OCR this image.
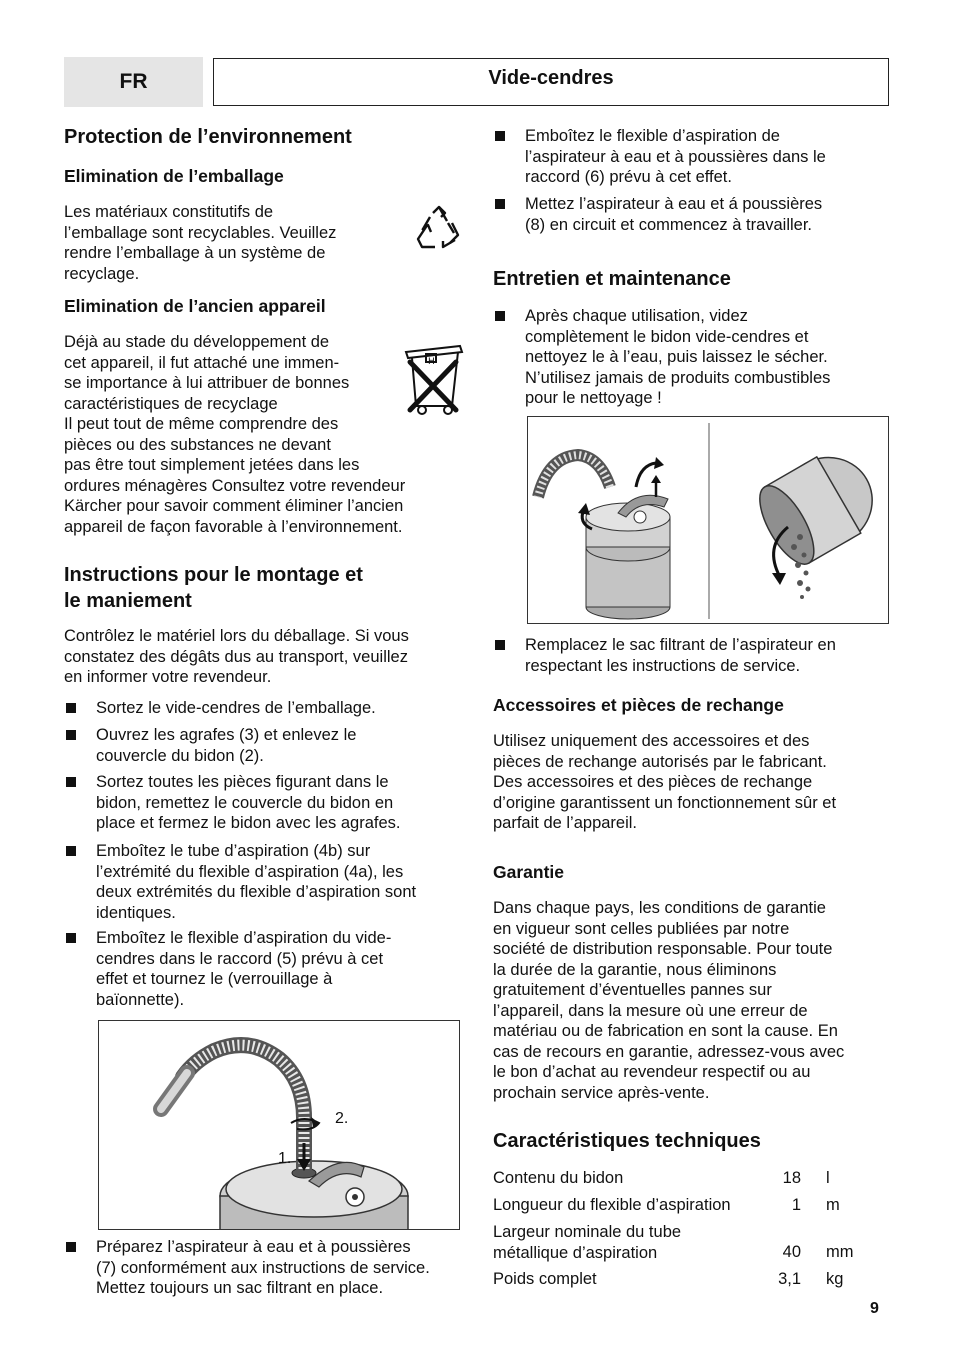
FR	Vide-cendres
Protection de l’environnement
Elimination de l’emballage
Les matériaux constitutifs de
l’emballage sont recyclables. Veuillez
rendre l’emballage à un système de
recyclage.
Elimination de l’ancien appareil
Déjà au stade du développement de
cet appareil, il fut attaché une immen-
se importance à lui attribuer de bonnes
caractéristiques de recyclage
Il peut tout de même comprendre des
pièces ou des substances ne devant
pas être tout simplement jetées dans les
ordures ménagères Consultez votre revendeur
Kärcher pour savoir comment éliminer l’ancien
appareil de façon favorable à l’environnement.
H
Instructions pour le montage et
le maniement
Contrôlez le matériel lors du déballage. Si vous
constatez des dégâts dus au transport, veuillez
en informer votre revendeur.
Sortez le vide-cendres de l’emballage.
Ouvrez les agrafes (3) et enlevez le
couvercle du bidon (2).
Sortez toutes les pièces figurant dans le
bidon, remettez le couvercle du bidon en
place et fermez le bidon avec les agrafes.
Emboîtez le tube d’aspiration (4b) sur
l’extrémité du flexible d’aspiration (4a), les
deux extrémités du flexible d’aspiration sont
identiques.
Emboîtez le flexible d’aspiration du vide-
cendres dans le raccord (5) prévu à cet
effet et tournez le (verrouillage à
baïonnette).
2.
1.
Préparez l’aspirateur à eau et à poussières
(7) conformément aux instructions de service.
Mettez toujours un sac filtrant en place.
Emboîtez le flexible d’aspiration de
l’aspirateur à eau et à poussières dans le
raccord (6) prévu à cet effet.
Mettez l’aspirateur à eau et á poussières
(8) en circuit et commencez à travailler.
Entretien et maintenance
Après chaque utilisation, videz
complètement le bidon vide-cendres et
nettoyez le à l’eau, puis laissez le sécher.
N’utilisez jamais de produits combustibles
pour le nettoyage !
Remplacez le sac filtrant de l’aspirateur en
respectant les instructions de service.
Accessoires et pièces de rechange
Utilisez uniquement des accessoires et des
pièces de rechange autorisés par le fabricant.
Des accessoires et des pièces de rechange
d’origine garantissent un fonctionnement sûr et
parfait de l’appareil.
Garantie
Dans chaque pays, les conditions de garantie
en vigueur sont celles publiées par notre
société de distribution responsable. Pour toute
la durée de la garantie, nous éliminons
gratuitement d’éventuelles pannes sur
l’appareil, dans la mesure où une erreur de
matériau ou de fabrication en sont la cause. En
cas de recours en garantie, adressez-vous avec
le bon d’achat au revendeur respectif ou au
prochain service après-vente.
Caractéristiques techniques
Contenu du bidon	18 l
Longueur du flexible d’aspiration	1 m
Largeur nominale du tube
métallique d’aspiration	40 mm
Poids complet	3,1 kg
9
